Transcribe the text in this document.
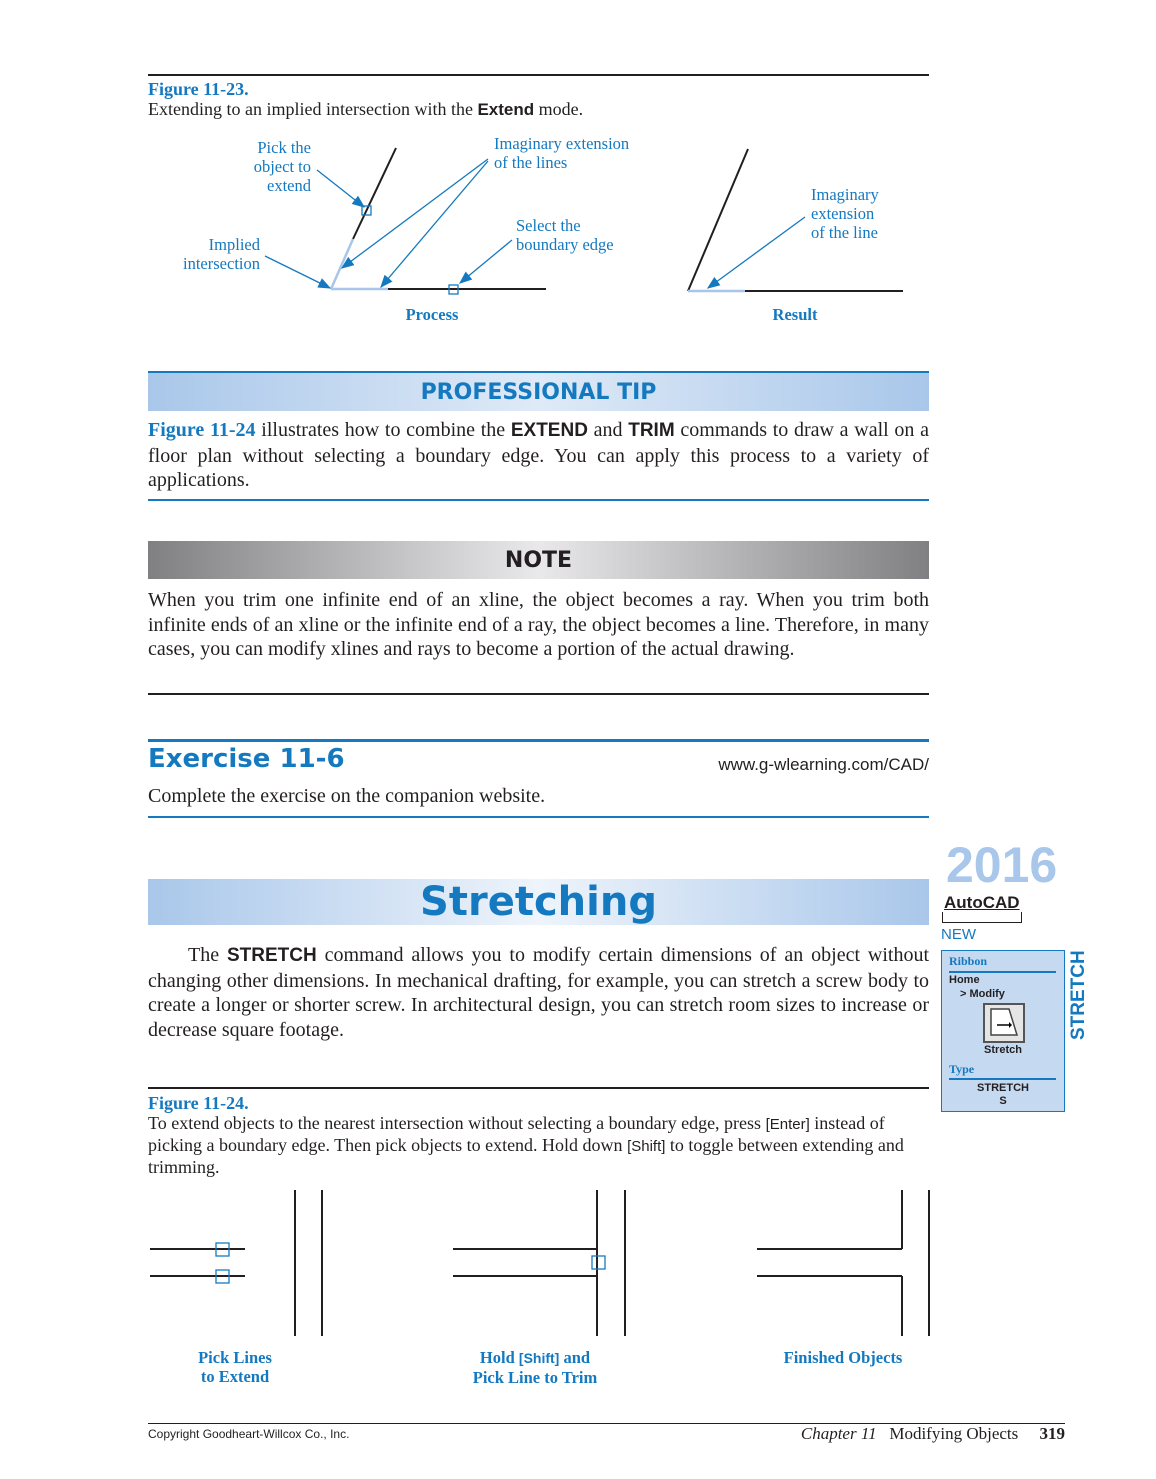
Figure 11-23.
Extending to an implied intersection with the Extend mode.
Pick the
object to
extend
Implied
intersection
Imaginary extension
of the lines
Select the
boundary edge
Imaginary
extension
of the line
Process	Result
PROFESSIONAL TIP
Figure 11-24 illustrates how to combine the EXTEND and TRIM commands to draw a wall on a floor plan without selecting a boundary edge. You can apply this process to a variety of applications.
NOTE
When you trim one infinite end of an xline, the object becomes a ray. When you trim both infinite ends of an xline or the infinite end of a ray, the object becomes a line. Therefore, in many cases, you can modify xlines and rays to become a portion of the actual drawing.
Exercise 11-6	www.g-wlearning.com/CAD/
Complete the exercise on the companion website.
Stretching
The STRETCH command allows you to modify certain dimensions of an object without changing other dimensions. In mechanical drafting, for example, you can stretch a screw body to create a longer or shorter screw. In architectural design, you can stretch room sizes to increase or decrease square footage.
2016
AutoCAD
NEW
Ribbon
Home
> Modify
Stretch
Type
STRETCH
S
STRETCH
Figure 11-24.
To extend objects to the nearest intersection without selecting a boundary edge, press [Enter] instead of picking a boundary edge. Then pick objects to extend. Hold down [Shift] to toggle between extending and trimming.
Pick Lines
to Extend
Hold [Shift] and
Pick Line to Trim
Finished Objects
Copyright Goodheart-Willcox Co., Inc.	Chapter 11 Modifying Objects 319
